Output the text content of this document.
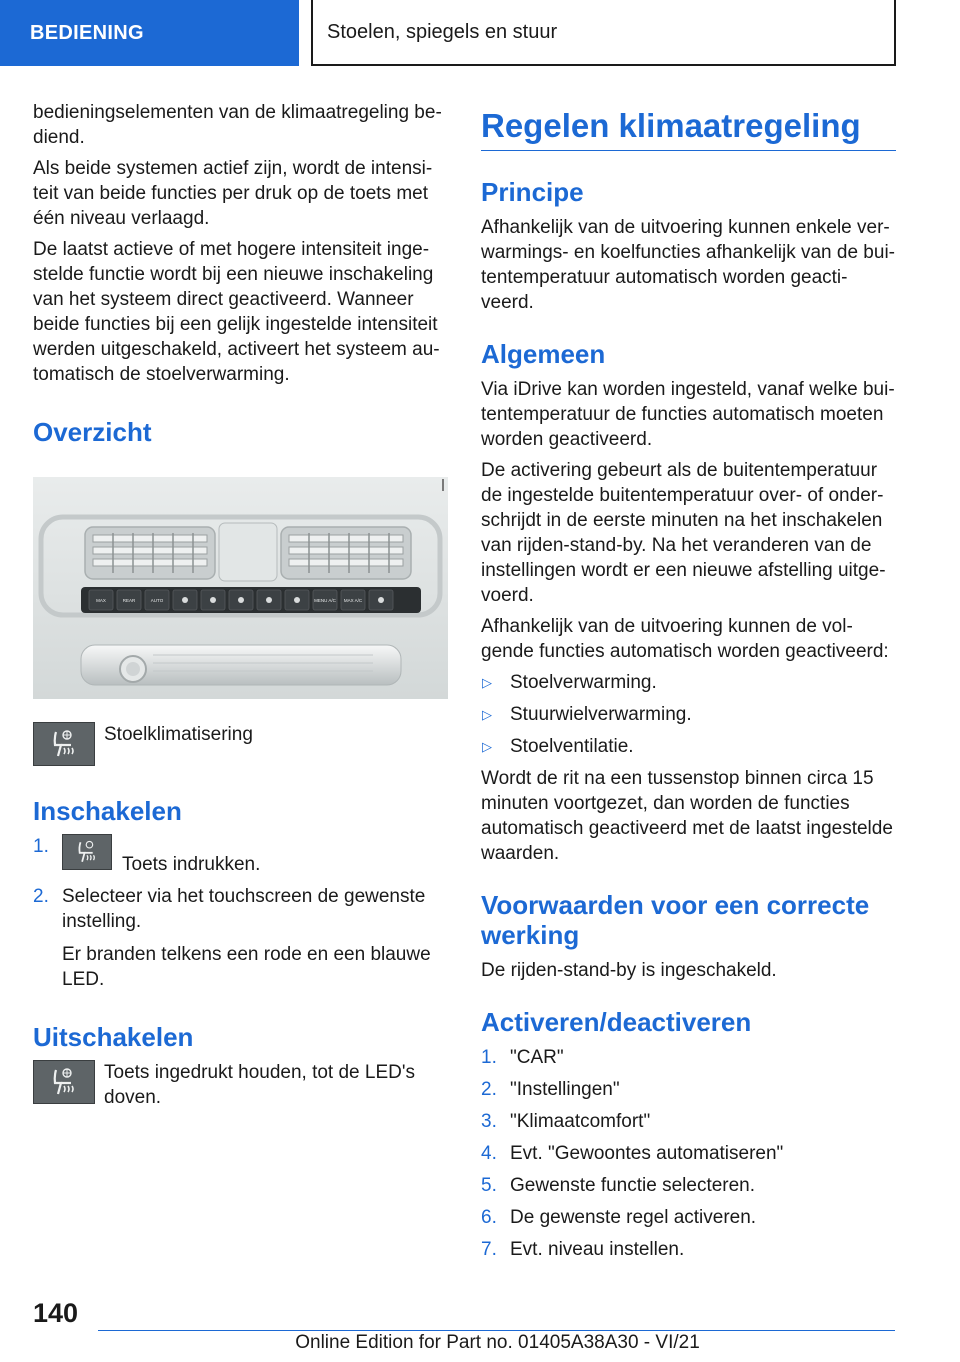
BEDIENING	Stoelen, spiegels en stuur

bedieningselementen van de klimaatregeling be-diend.

Als beide systemen actief zijn, wordt de intensi-teit van beide functies per druk op de toets met één niveau verlaagd.

De laatst actieve of met hogere intensiteit inge-stelde functie wordt bij een nieuwe inschakeling van het systeem direct geactiveerd. Wanneer beide functies bij een gelijk ingestelde intensiteit werden uitgeschakeld, activeert het systeem au-tomatisch de stoelverwarming.

Overzicht
MAX	REAR	AUTO	MENU A/C MAX A/C
Stoelklimatisering
Inschakelen
1.
Toets indrukken.
2. Selecteer via het touchscreen de gewenste instelling.

Er branden telkens een rode en een blauwe LED.

Uitschakelen
Toets ingedrukt houden, tot de LED's doven.
Regelen klimaatregeling
Principe

Afhankelijk van de uitvoering kunnen enkele ver-warmings- en koelfuncties afhankelijk van de bui-tentemperatuur automatisch worden geacti-veerd.

Algemeen

Via iDrive kan worden ingesteld, vanaf welke bui-tentemperatuur de functies automatisch moeten worden geactiveerd.

De activering gebeurt als de buitentemperatuur de ingestelde buitentemperatuur over- of onder-schrijdt in de eerste minuten na het inschakelen van rijden-stand-by. Na het veranderen van de instellingen wordt er een nieuwe afstelling uitge-voerd.

Afhankelijk van de uitvoering kunnen de vol-gende functies automatisch worden geactiveerd:

▷ Stoelverwarming.
▷ Stuurwielverwarming.
▷ Stoelventilatie.

Wordt de rit na een tussenstop binnen circa 15 minuten voortgezet, dan worden de functies automatisch geactiveerd met de laatst ingestelde waarden.

Voorwaarden voor een correcte werking

De rijden-stand-by is ingeschakeld.

Activeren/deactiveren
1. "CAR"
2. "Instellingen"
3. "Klimaatcomfort"
4. Evt. "Gewoontes automatiseren"
5. Gewenste functie selecteren.
6. De gewenste regel activeren.
7. Evt. niveau instellen.
140
Online Edition for Part no. 01405A38A30 - VI/21
